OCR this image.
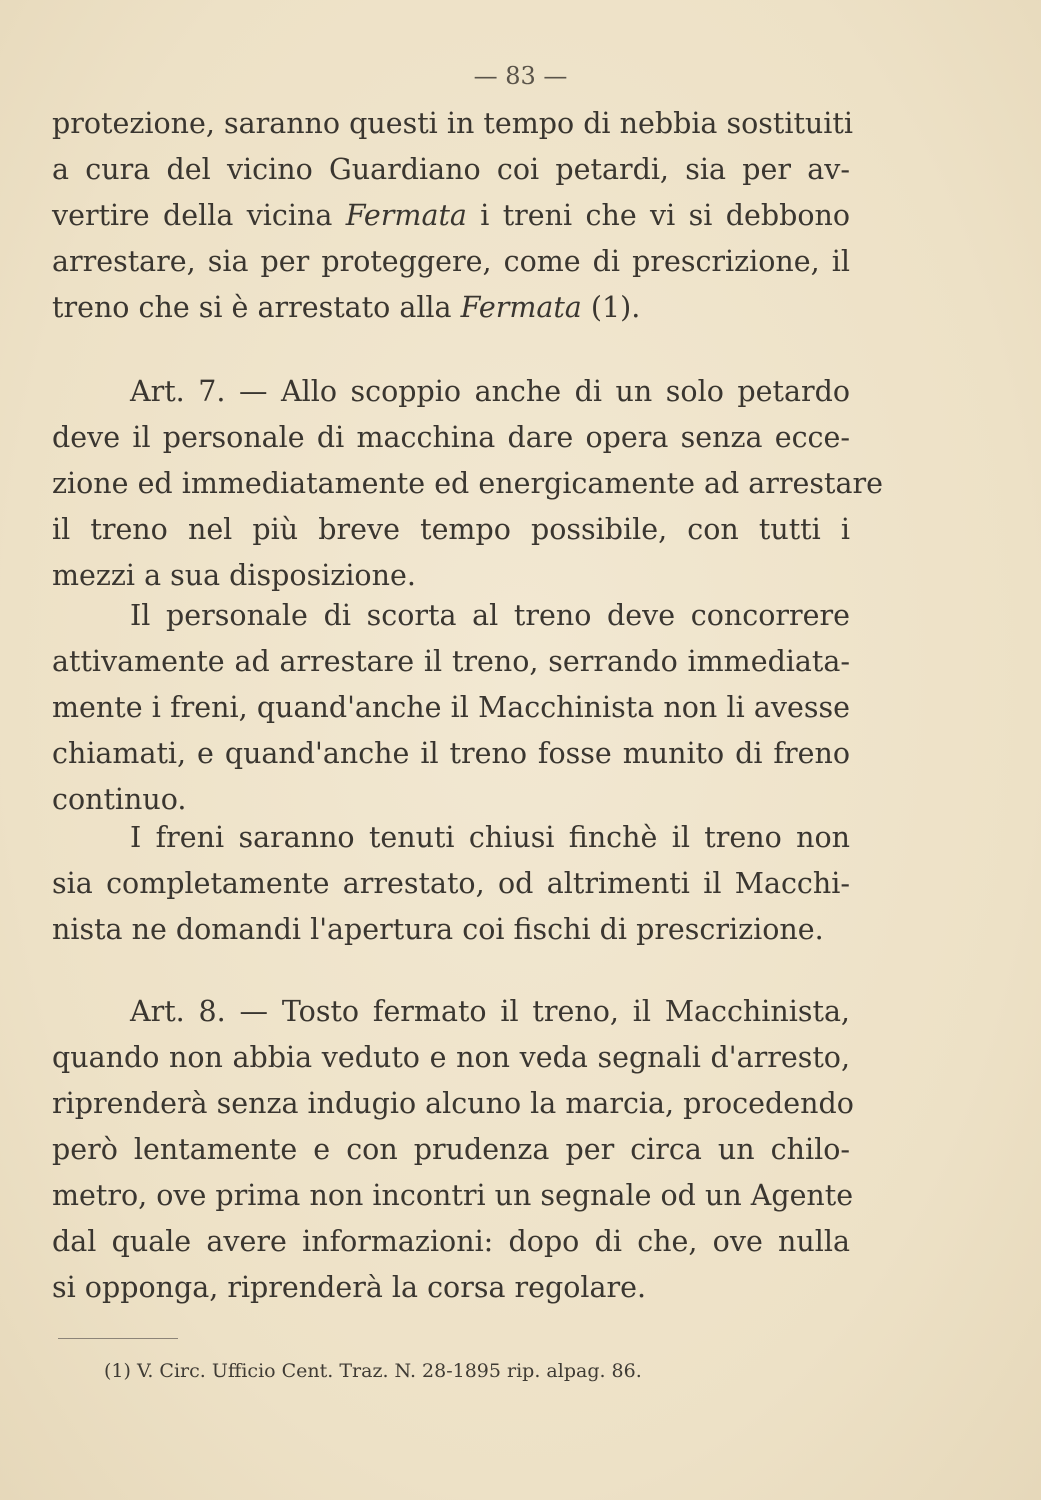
— 83 —
protezione, saranno questi in tempo di nebbia sostituiti
a cura del vicino Guardiano coi petardi, sia per av-
vertire della vicina Fermata i treni che vi si debbono
arrestare, sia per proteggere, come di prescrizione, il
treno che si è arrestato alla Fermata (1).
Art. 7. — Allo scoppio anche di un solo petardo
deve il personale di macchina dare opera senza ecce-
zione ed immediatamente ed energicamente ad arrestare
il treno nel più breve tempo possibile, con tutti i
mezzi a sua disposizione.
Il personale di scorta al treno deve concorrere
attivamente ad arrestare il treno, serrando immediata-
mente i freni, quand'anche il Macchinista non li avesse
chiamati, e quand'anche il treno fosse munito di freno
continuo.
I freni saranno tenuti chiusi finchè il treno non
sia completamente arrestato, od altrimenti il Macchi-
nista ne domandi l'apertura coi fischi di prescrizione.
Art. 8. — Tosto fermato il treno, il Macchinista,
quando non abbia veduto e non veda segnali d'arresto,
riprenderà senza indugio alcuno la marcia, procedendo
però lentamente e con prudenza per circa un chilo-
metro, ove prima non incontri un segnale od un Agente
dal quale avere informazioni: dopo di che, ove nulla
si opponga, riprenderà la corsa regolare.
(1) V. Circ. Ufficio Cent. Traz. N. 28-1895 rip. alpag. 86.
